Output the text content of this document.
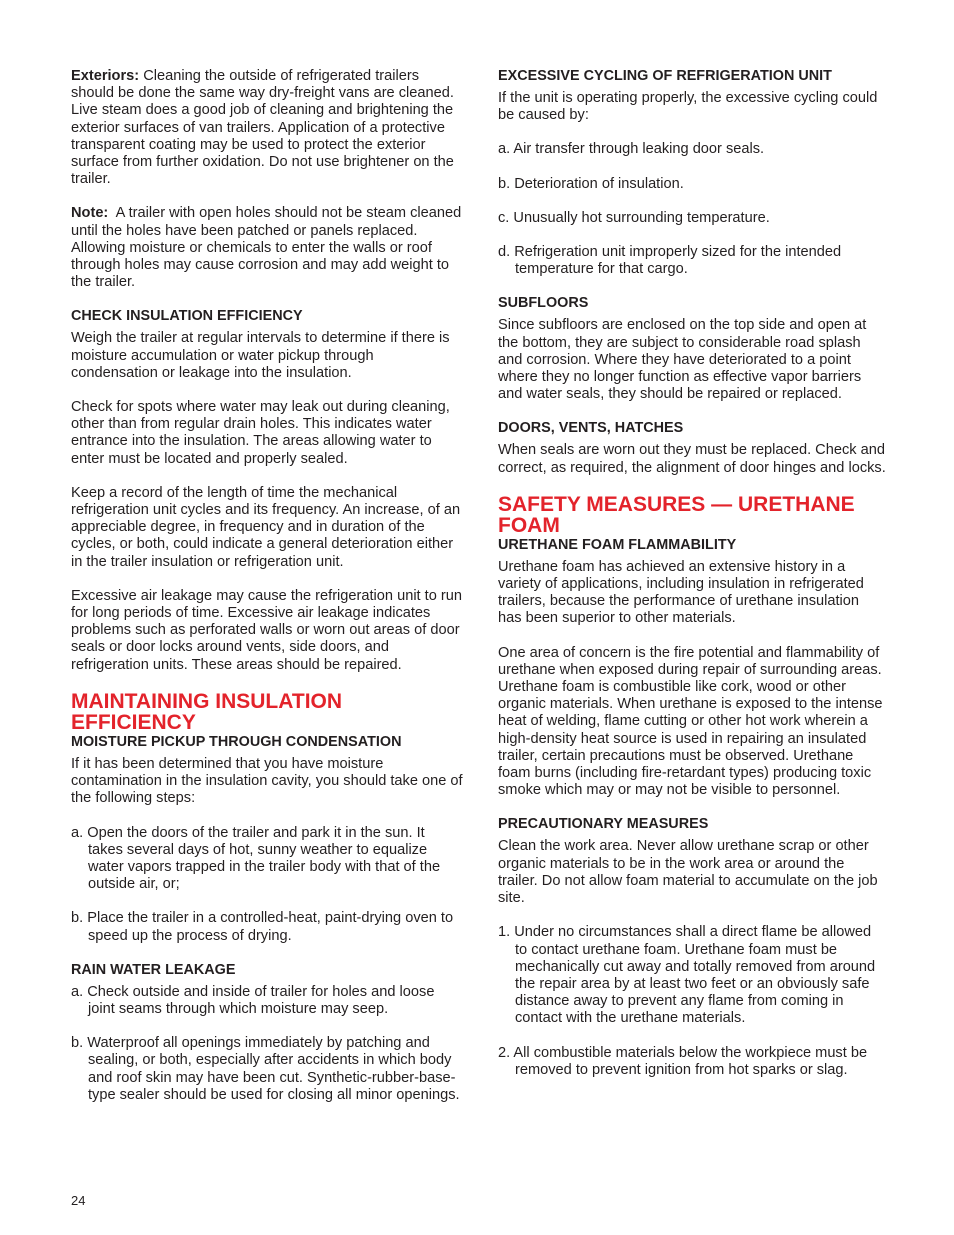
Exteriors: Cleaning the outside of refrigerated trailers should be done the same way dry-freight vans are cleaned. Live steam does a good job of cleaning and brightening the exterior surfaces of van trailers. Application of a protective transparent coating may be used to protect the exterior surface from further oxidation. Do not use brightener on the trailer.

Note: A trailer with open holes should not be steam cleaned until the holes have been patched or panels replaced. Allowing moisture or chemicals to enter the walls or roof through holes may cause corrosion and may add weight to the trailer.

CHECK INSULATION EFFICIENCY

Weigh the trailer at regular intervals to determine if there is moisture accumulation or water pickup through condensation or leakage into the insulation.

Check for spots where water may leak out during cleaning, other than from regular drain holes. This indicates water entrance into the insulation. The areas allowing water to enter must be located and properly sealed.

Keep a record of the length of time the mechanical refrigeration unit cycles and its frequency. An increase, of an appreciable degree, in frequency and in duration of the cycles, or both, could indicate a general deterioration either in the trailer insulation or refrigeration unit.

Excessive air leakage may cause the refrigeration unit to run for long periods of time. Excessive air leakage indicates problems such as perforated walls or worn out areas of door seals or door locks around vents, side doors, and refrigeration units. These areas should be repaired.

MAINTAINING INSULATION EFFICIENCY
MOISTURE PICKUP THROUGH CONDENSATION

If it has been determined that you have moisture contamination in the insulation cavity, you should take one of the following steps:

a. Open the doors of the trailer and park it in the sun. It takes several days of hot, sunny weather to equalize water vapors trapped in the trailer body with that of the outside air, or;

b. Place the trailer in a controlled-heat, paint-drying oven to speed up the process of drying.

RAIN WATER LEAKAGE

a. Check outside and inside of trailer for holes and loose joint seams through which moisture may seep.

b. Waterproof all openings immediately by patching and sealing, or both, especially after accidents in which body and roof skin may have been cut. Synthetic-rubber-base-type sealer should be used for closing all minor openings.

EXCESSIVE CYCLING OF REFRIGERATION UNIT

If the unit is operating properly, the excessive cycling could be caused by:

a. Air transfer through leaking door seals.

b. Deterioration of insulation.

c. Unusually hot surrounding temperature.

d. Refrigeration unit improperly sized for the intended temperature for that cargo.

SUBFLOORS

Since subfloors are enclosed on the top side and open at the bottom, they are subject to considerable road splash and corrosion. Where they have deteriorated to a point where they no longer function as effective vapor barriers and water seals, they should be repaired or replaced.

DOORS, VENTS, HATCHES

When seals are worn out they must be replaced. Check and correct, as required, the alignment of door hinges and locks.

SAFETY MEASURES — URETHANE FOAM
URETHANE FOAM FLAMMABILITY

Urethane foam has achieved an extensive history in a variety of applications, including insulation in refrigerated trailers, because the performance of urethane insulation has been superior to other materials.

One area of concern is the fire potential and flammability of urethane when exposed during repair of surrounding areas. Urethane foam is combustible like cork, wood or other organic materials. When urethane is exposed to the intense heat of welding, flame cutting or other hot work wherein a high-density heat source is used in repairing an insulated trailer, certain precautions must be observed. Urethane foam burns (including fire-retardant types) producing toxic smoke which may or may not be visible to personnel.

PRECAUTIONARY MEASURES

Clean the work area. Never allow urethane scrap or other organic materials to be in the work area or around the trailer. Do not allow foam material to accumulate on the job site.

1. Under no circumstances shall a direct flame be allowed to contact urethane foam. Urethane foam must be mechanically cut away and totally removed from around the repair area by at least two feet or an obviously safe distance away to prevent any flame from coming in contact with the urethane materials.

2. All combustible materials below the workpiece must be removed to prevent ignition from hot sparks or slag.

24
